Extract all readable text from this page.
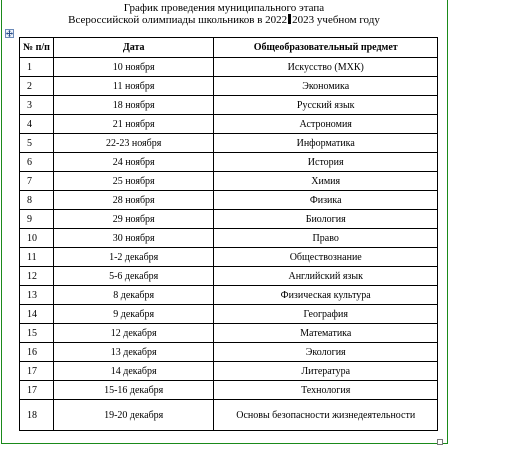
График проведения муниципального этапа
Всероссийской олимпиады школьников в 2022 2023 учебном году
№ п/п	Дата	Общеобразовательный предмет
1	10 ноября	Искусство (МХК)
2	11 ноября	Экономика
3	18 ноября	Русский язык
4	21 ноября	Астрономия
5	22-23 ноября	Информатика
6	24 ноября	История
7	25 ноября	Химия
8	28 ноября	Физика
9	29 ноября	Биология
10	30 ноября	Право
11	1-2 декабря	Обществознание
12	5-6 декабря	Английский язык
13	8 декабря	Физическая культура
14	9 декабря	География
15	12 декабря	Математика
16	13 декабря	Экология
17	14 декабря	Литература
17	15-16 декабря	Технология
18	19-20 декабря	Основы безопасности жизнедеятельности
